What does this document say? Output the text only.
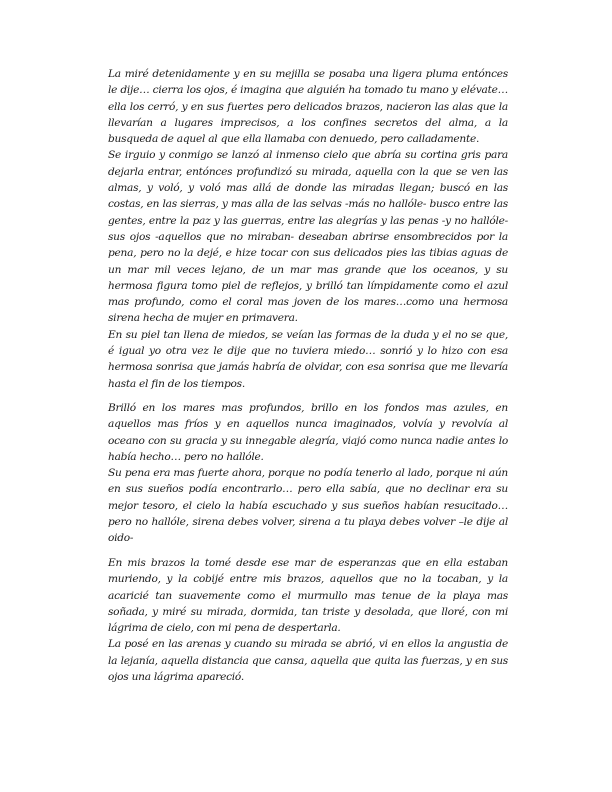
La miré detenidamente y en su mejilla se posaba una ligera pluma entónces le dije… cierra los ojos, é imagina que alguién ha tomado tu mano y elévate… ella los cerró, y en sus fuertes pero delicados brazos, nacieron las alas que la llevarían a lugares imprecisos, a los confines secretos del alma, a la busqueda de aquel al que ella llamaba con denuedo, pero calladamente.

Se irguio y conmigo se lanzó al inmenso cielo que abría su cortina gris para dejarla entrar, entónces profundizó su mirada, aquella con la que se ven las almas, y voló, y voló mas allá de donde las miradas llegan; buscó en las costas, en las sierras, y mas alla de las selvas -más no hallóle- busco entre las gentes, entre la paz y las guerras, entre las alegrías y las penas -y no hallóle- sus ojos -aquellos que no miraban- deseaban abrirse ensombrecidos por la pena, pero no la dejé, e hize tocar con sus delicados pies las tibias aguas de un mar mil veces lejano, de un mar mas grande que los oceanos, y su hermosa figura tomo piel de reflejos, y brilló tan límpidamente como el azul mas profundo, como el coral mas joven de los mares…como una hermosa sirena hecha de mujer en primavera.

En su piel tan llena de miedos, se veían las formas de la duda y el no se que, é igual yo otra vez le dije que no tuviera miedo… sonrió y lo hizo con esa hermosa sonrisa que jamás habría de olvidar, con esa sonrisa que me llevaría hasta el fin de los tiempos.

Brilló en los mares mas profundos, brillo en los fondos mas azules, en aquellos mas fríos y en aquellos nunca imaginados, volvía y revolvía al oceano con su gracia y su innegable alegría, viajó como nunca nadie antes lo había hecho… pero no hallóle.

Su pena era mas fuerte ahora, porque no podía tenerlo al lado, porque ni aún en sus sueños podía encontrarlo… pero ella sabía, que no declinar era su mejor tesoro, el cielo la había escuchado y sus sueños habían resucitado… pero no hallóle, sirena debes volver, sirena a tu playa debes volver –le dije al oido-

En mis brazos la tomé desde ese mar de esperanzas que en ella estaban muriendo, y la cobijé entre mis brazos, aquellos que no la tocaban, y la acaricié tan suavemente como el murmullo mas tenue de la playa mas soñada, y miré su mirada, dormida, tan triste y desolada, que lloré, con mi lágrima de cielo, con mi pena de despertarla.

La posé en las arenas y cuando su mirada se abrió, vi en ellos la angustia de la lejanía, aquella distancia que cansa, aquella que quita las fuerzas, y en sus ojos una lágrima apareció.
